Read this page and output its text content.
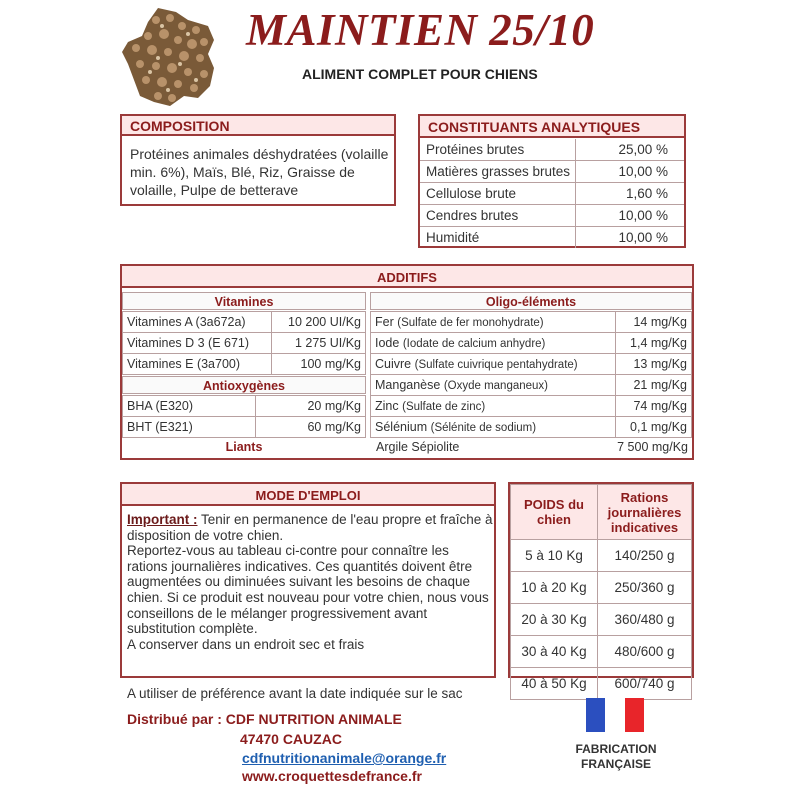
MAINTIEN 25/10
ALIMENT COMPLET POUR CHIENS
COMPOSITION
Protéines animales déshydratées (volaille min. 6%), Maïs, Blé, Riz, Graisse de volaille, Pulpe de betterave
CONSTITUANTS ANALYTIQUES
Protéines brutes	25,00 %
Matières grasses brutes	10,00 %
Cellulose brute	1,60 %
Cendres brutes	10,00 %
Humidité	10,00 %
ADDITIFS
Vitamines
Vitamines A (3a672a)	10 200 UI/Kg
Vitamines D 3 (E 671)	1 275 UI/Kg
Vitamines E (3a700)	100 mg/Kg
Antioxygènes
BHA (E320)	20 mg/Kg
BHT (E321)	60 mg/Kg
Liants
Oligo-éléments
Fer (Sulfate de fer monohydrate)	14 mg/Kg
Iode (Iodate de calcium anhydre)	1,4 mg/Kg
Cuivre (Sulfate cuivrique pentahydrate)	13 mg/Kg
Manganèse (Oxyde manganeux)	21 mg/Kg
Zinc (Sulfate de zinc)	74 mg/Kg
Sélénium (Sélénite de sodium)	0,1 mg/Kg
Argile Sépiolite	7 500 mg/Kg
MODE D'EMPLOI
Important : Tenir en permanence de l'eau propre et fraîche à disposition de votre chien.
Reportez-vous au tableau ci-contre pour connaître les rations journalières indicatives. Ces quantités doivent être augmentées ou diminuées suivant les besoins de chaque chien. Si ce produit est nouveau pour votre chien, nous vous conseillons de le mélanger progressivement avant substitution complète.
A conserver dans un endroit sec et frais
POIDS du chien	Rations journalières indicatives
5 à 10 Kg	140/250 g
10 à 20 Kg	250/360 g
20 à 30 Kg	360/480 g
30 à 40 Kg	480/600 g
40 à 50 Kg	600/740 g
A utiliser de préférence avant la date indiquée sur le sac
Distribué par : CDF NUTRITION ANIMALE
47470 CAUZAC
cdfnutritionanimale@orange.fr
www.croquettesdefrance.fr
FABRICATION FRANÇAISE
